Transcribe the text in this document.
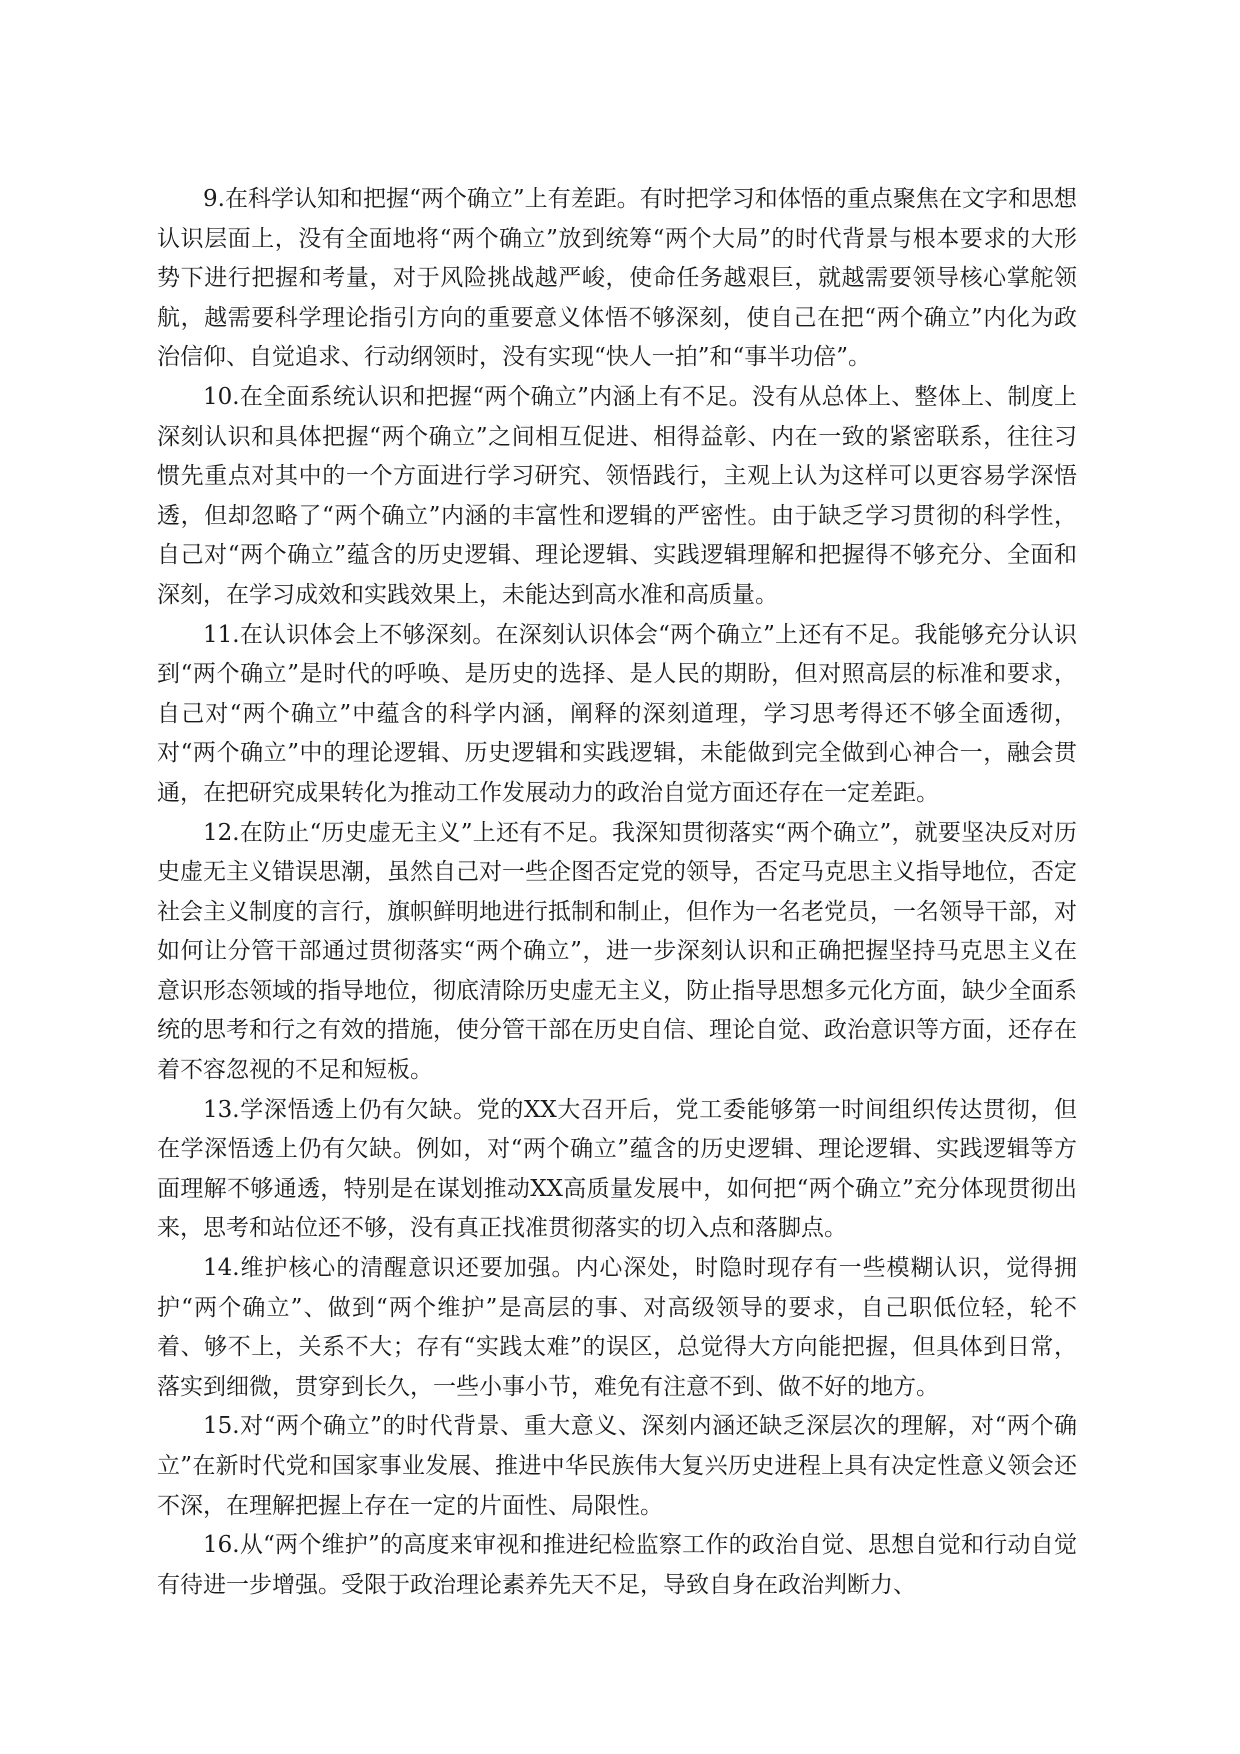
9.在科学认知和把握“两个确立”上有差距。有时把学习和体悟的重点聚焦在文字和思想认识层面上，没有全面地将“两个确立”放到统筹“两个大局”的时代背景与根本要求的大形势下进行把握和考量，对于风险挑战越严峻，使命任务越艰巨，就越需要领导核心掌舵领航，越需要科学理论指引方向的重要意义体悟不够深刻，使自己在把“两个确立”内化为政治信仰、自觉追求、行动纲领时，没有实现“快人一拍”和“事半功倍”。

10.在全面系统认识和把握“两个确立”内涵上有不足。没有从总体上、整体上、制度上深刻认识和具体把握“两个确立”之间相互促进、相得益彰、内在一致的紧密联系，往往习惯先重点对其中的一个方面进行学习研究、领悟践行，主观上认为这样可以更容易学深悟透，但却忽略了“两个确立”内涵的丰富性和逻辑的严密性。由于缺乏学习贯彻的科学性，自己对“两个确立”蕴含的历史逻辑、理论逻辑、实践逻辑理解和把握得不够充分、全面和深刻，在学习成效和实践效果上，未能达到高水准和高质量。

11.在认识体会上不够深刻。在深刻认识体会“两个确立”上还有不足。我能够充分认识到“两个确立”是时代的呼唤、是历史的选择、是人民的期盼，但对照高层的标准和要求，自己对“两个确立”中蕴含的科学内涵，阐释的深刻道理，学习思考得还不够全面透彻，对“两个确立”中的理论逻辑、历史逻辑和实践逻辑，未能做到完全做到心神合一，融会贯通，在把研究成果转化为推动工作发展动力的政治自觉方面还存在一定差距。

12.在防止“历史虚无主义”上还有不足。我深知贯彻落实“两个确立”，就要坚决反对历史虚无主义错误思潮，虽然自己对一些企图否定党的领导，否定马克思主义指导地位，否定社会主义制度的言行，旗帜鲜明地进行抵制和制止，但作为一名老党员，一名领导干部，对如何让分管干部通过贯彻落实“两个确立”，进一步深刻认识和正确把握坚持马克思主义在意识形态领域的指导地位，彻底清除历史虚无主义，防止指导思想多元化方面，缺少全面系统的思考和行之有效的措施，使分管干部在历史自信、理论自觉、政治意识等方面，还存在着不容忽视的不足和短板。

13.学深悟透上仍有欠缺。党的XX大召开后，党工委能够第一时间组织传达贯彻，但在学深悟透上仍有欠缺。例如，对“两个确立”蕴含的历史逻辑、理论逻辑、实践逻辑等方面理解不够通透，特别是在谋划推动XX高质量发展中，如何把“两个确立”充分体现贯彻出来，思考和站位还不够，没有真正找准贯彻落实的切入点和落脚点。

14.维护核心的清醒意识还要加强。内心深处，时隐时现存有一些模糊认识，觉得拥护“两个确立”、做到“两个维护”是高层的事、对高级领导的要求，自己职低位轻，轮不着、够不上，关系不大；存有“实践太难”的误区，总觉得大方向能把握，但具体到日常，落实到细微，贯穿到长久，一些小事小节，难免有注意不到、做不好的地方。

15.对“两个确立”的时代背景、重大意义、深刻内涵还缺乏深层次的理解，对“两个确立”在新时代党和国家事业发展、推进中华民族伟大复兴历史进程上具有决定性意义领会还不深，在理解把握上存在一定的片面性、局限性。

16.从“两个维护”的高度来审视和推进纪检监察工作的政治自觉、思想自觉和行动自觉有待进一步增强。受限于政治理论素养先天不足，导致自身在政治判断力、
